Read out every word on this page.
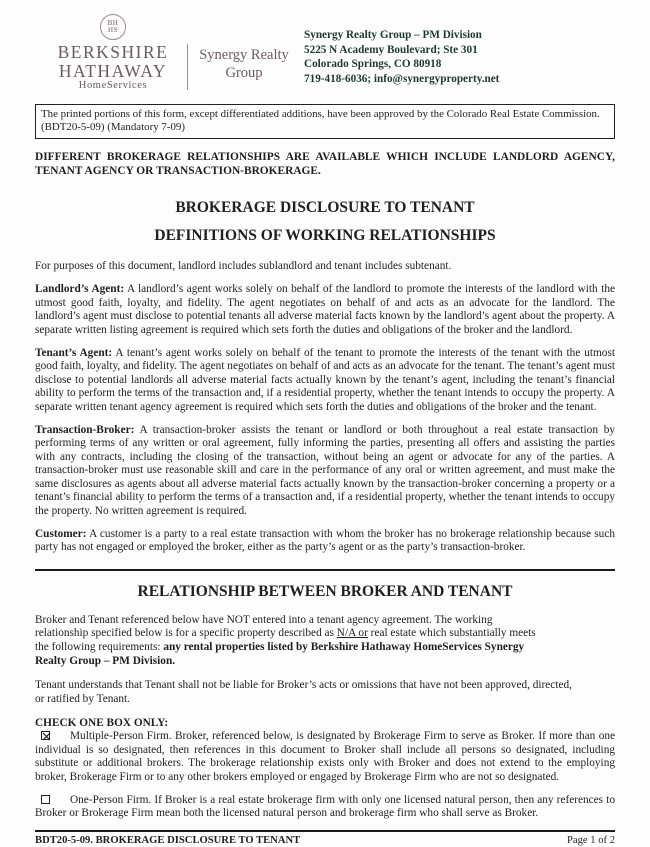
BH
HS
BERKSHIRE
HATHAWAY
HomeServices
Synergy Realty
Group
Synergy Realty Group – PM Division
5225 N Academy Boulevard; Ste 301
Colorado Springs, CO 80918
719-418-6036; info@synergyproperty.net
The printed portions of this form, except differentiated additions, have been approved by the Colorado Real Estate Commission.
(BDT20-5-09) (Mandatory 7-09)
DIFFERENT BROKERAGE RELATIONSHIPS ARE AVAILABLE WHICH INCLUDE LANDLORD AGENCY, TENANT AGENCY OR TRANSACTION-BROKERAGE.
BROKERAGE DISCLOSURE TO TENANT
DEFINITIONS OF WORKING RELATIONSHIPS
For purposes of this document, landlord includes sublandlord and tenant includes subtenant.
Landlord’s Agent: A landlord’s agent works solely on behalf of the landlord to promote the interests of the landlord with the utmost good faith, loyalty, and fidelity. The agent negotiates on behalf of and acts as an advocate for the landlord. The landlord’s agent must disclose to potential tenants all adverse material facts known by the landlord’s agent about the property. A separate written listing agreement is required which sets forth the duties and obligations of the broker and the landlord.
Tenant’s Agent: A tenant’s agent works solely on behalf of the tenant to promote the interests of the tenant with the utmost good faith, loyalty, and fidelity. The agent negotiates on behalf of and acts as an advocate for the tenant. The tenant’s agent must disclose to potential landlords all adverse material facts actually known by the tenant’s agent, including the tenant’s financial ability to perform the terms of the transaction and, if a residential property, whether the tenant intends to occupy the property. A separate written tenant agency agreement is required which sets forth the duties and obligations of the broker and the tenant.
Transaction-Broker: A transaction-broker assists the tenant or landlord or both throughout a real estate transaction by performing terms of any written or oral agreement, fully informing the parties, presenting all offers and assisting the parties with any contracts, including the closing of the transaction, without being an agent or advocate for any of the parties. A transaction-broker must use reasonable skill and care in the performance of any oral or written agreement, and must make the same disclosures as agents about all adverse material facts actually known by the transaction-broker concerning a property or a tenant’s financial ability to perform the terms of a transaction and, if a residential property, whether the tenant intends to occupy the property. No written agreement is required.
Customer: A customer is a party to a real estate transaction with whom the broker has no brokerage relationship because such party has not engaged or employed the broker, either as the party’s agent or as the party’s transaction-broker.
RELATIONSHIP BETWEEN BROKER AND TENANT
Broker and Tenant referenced below have NOT entered into a tenant agency agreement. The working relationship specified below is for a specific property described as N/A or real estate which substantially meets the following requirements: any rental properties listed by Berkshire Hathaway HomeServices Synergy Realty Group – PM Division.
Tenant understands that Tenant shall not be liable for Broker’s acts or omissions that have not been approved, directed, or ratified by Tenant.
CHECK ONE BOX ONLY:
Multiple-Person Firm. Broker, referenced below, is designated by Brokerage Firm to serve as Broker. If more than one individual is so designated, then references in this document to Broker shall include all persons so designated, including substitute or additional brokers. The brokerage relationship exists only with Broker and does not extend to the employing broker, Brokerage Firm or to any other brokers employed or engaged by Brokerage Firm who are not so designated.
One-Person Firm. If Broker is a real estate brokerage firm with only one licensed natural person, then any references to Broker or Brokerage Firm mean both the licensed natural person and brokerage firm who shall serve as Broker.
BDT20-5-09. BROKERAGE DISCLOSURE TO TENANT	Page 1 of 2
